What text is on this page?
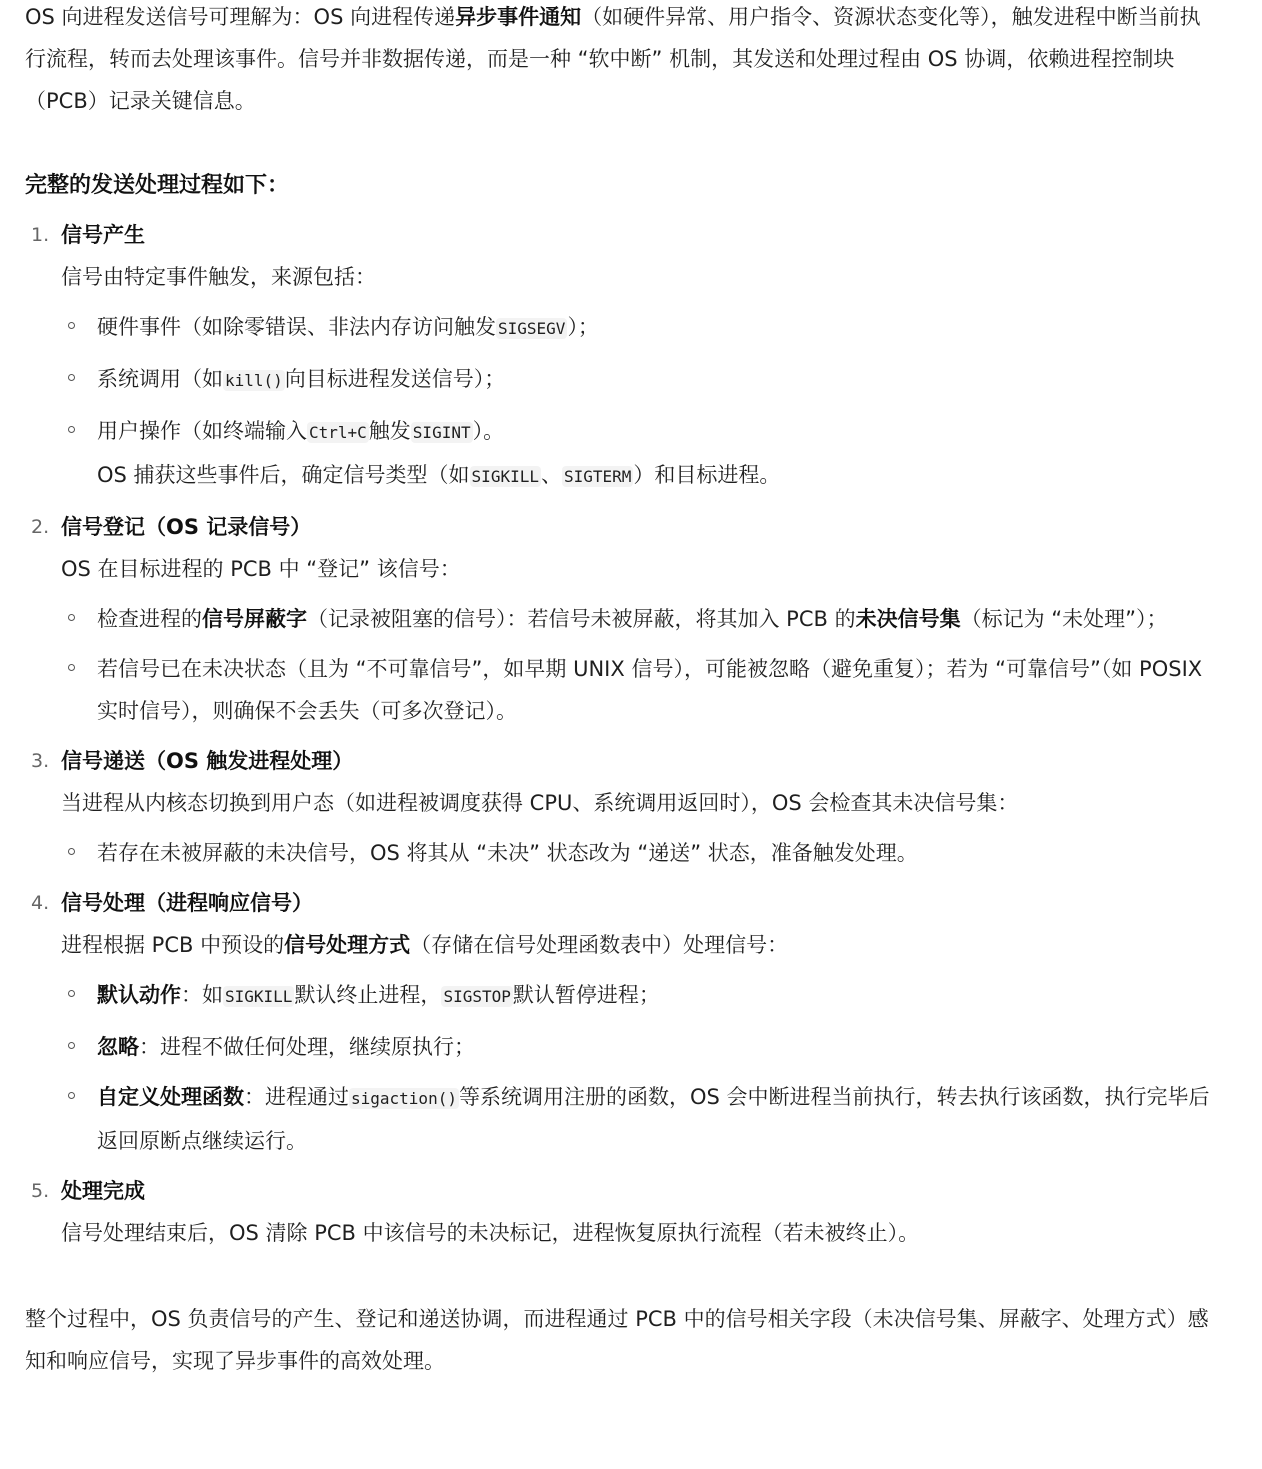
OS 向进程发送信号可理解为：OS 向进程传递异步事件通知（如硬件异常、用户指令、资源状态变化等），触发进程中断当前执行流程，转而去处理该事件。信号并非数据传递，而是一种 “软中断” 机制，其发送和处理过程由 OS 协调，依赖进程控制块（PCB）记录关键信息。

完整的发送处理过程如下：
1. 信号产生

信号由特定事件触发，来源包括：

硬件事件（如除零错误、非法内存访问触发 SIGSEGV）；
系统调用（如 kill()向目标进程发送信号）；
用户操作（如终端输入 Ctrl+C触发 SIGINT）。

OS 捕获这些事件后，确定信号类型（如 SIGKILL、 SIGTERM）和目标进程。

2. 信号登记（OS 记录信号）

OS 在目标进程的 PCB 中 “登记” 该信号：

检查进程的信号屏蔽字（记录被阻塞的信号）：若信号未被屏蔽，将其加入 PCB 的未决信号集（标记为 “未处理”）；
若信号已在未决状态（且为 “不可靠信号”，如早期 UNIX 信号），可能被忽略（避免重复）；若为 “可靠信号”（如 POSIX 实时信号），则确保不会丢失（可多次登记）。
3. 信号递送（OS 触发进程处理）

当进程从内核态切换到用户态（如进程被调度获得 CPU、系统调用返回时），OS 会检查其未决信号集：

若存在未被屏蔽的未决信号，OS 将其从 “未决” 状态改为 “递送” 状态，准备触发处理。
4. 信号处理（进程响应信号）

进程根据 PCB 中预设的信号处理方式（存储在信号处理函数表中）处理信号：

默认动作：如 SIGKILL默认终止进程， SIGSTOP默认暂停进程；
忽略：进程不做任何处理，继续原执行；
自定义处理函数：进程通过 sigaction()等系统调用注册的函数，OS 会中断进程当前执行，转去执行该函数，执行完毕后返回原断点继续运行。
5. 处理完成

信号处理结束后，OS 清除 PCB 中该信号的未决标记，进程恢复原执行流程（若未被终止）。

整个过程中，OS 负责信号的产生、登记和递送协调，而进程通过 PCB 中的信号相关字段（未决信号集、屏蔽字、处理方式）感知和响应信号，实现了异步事件的高效处理。
